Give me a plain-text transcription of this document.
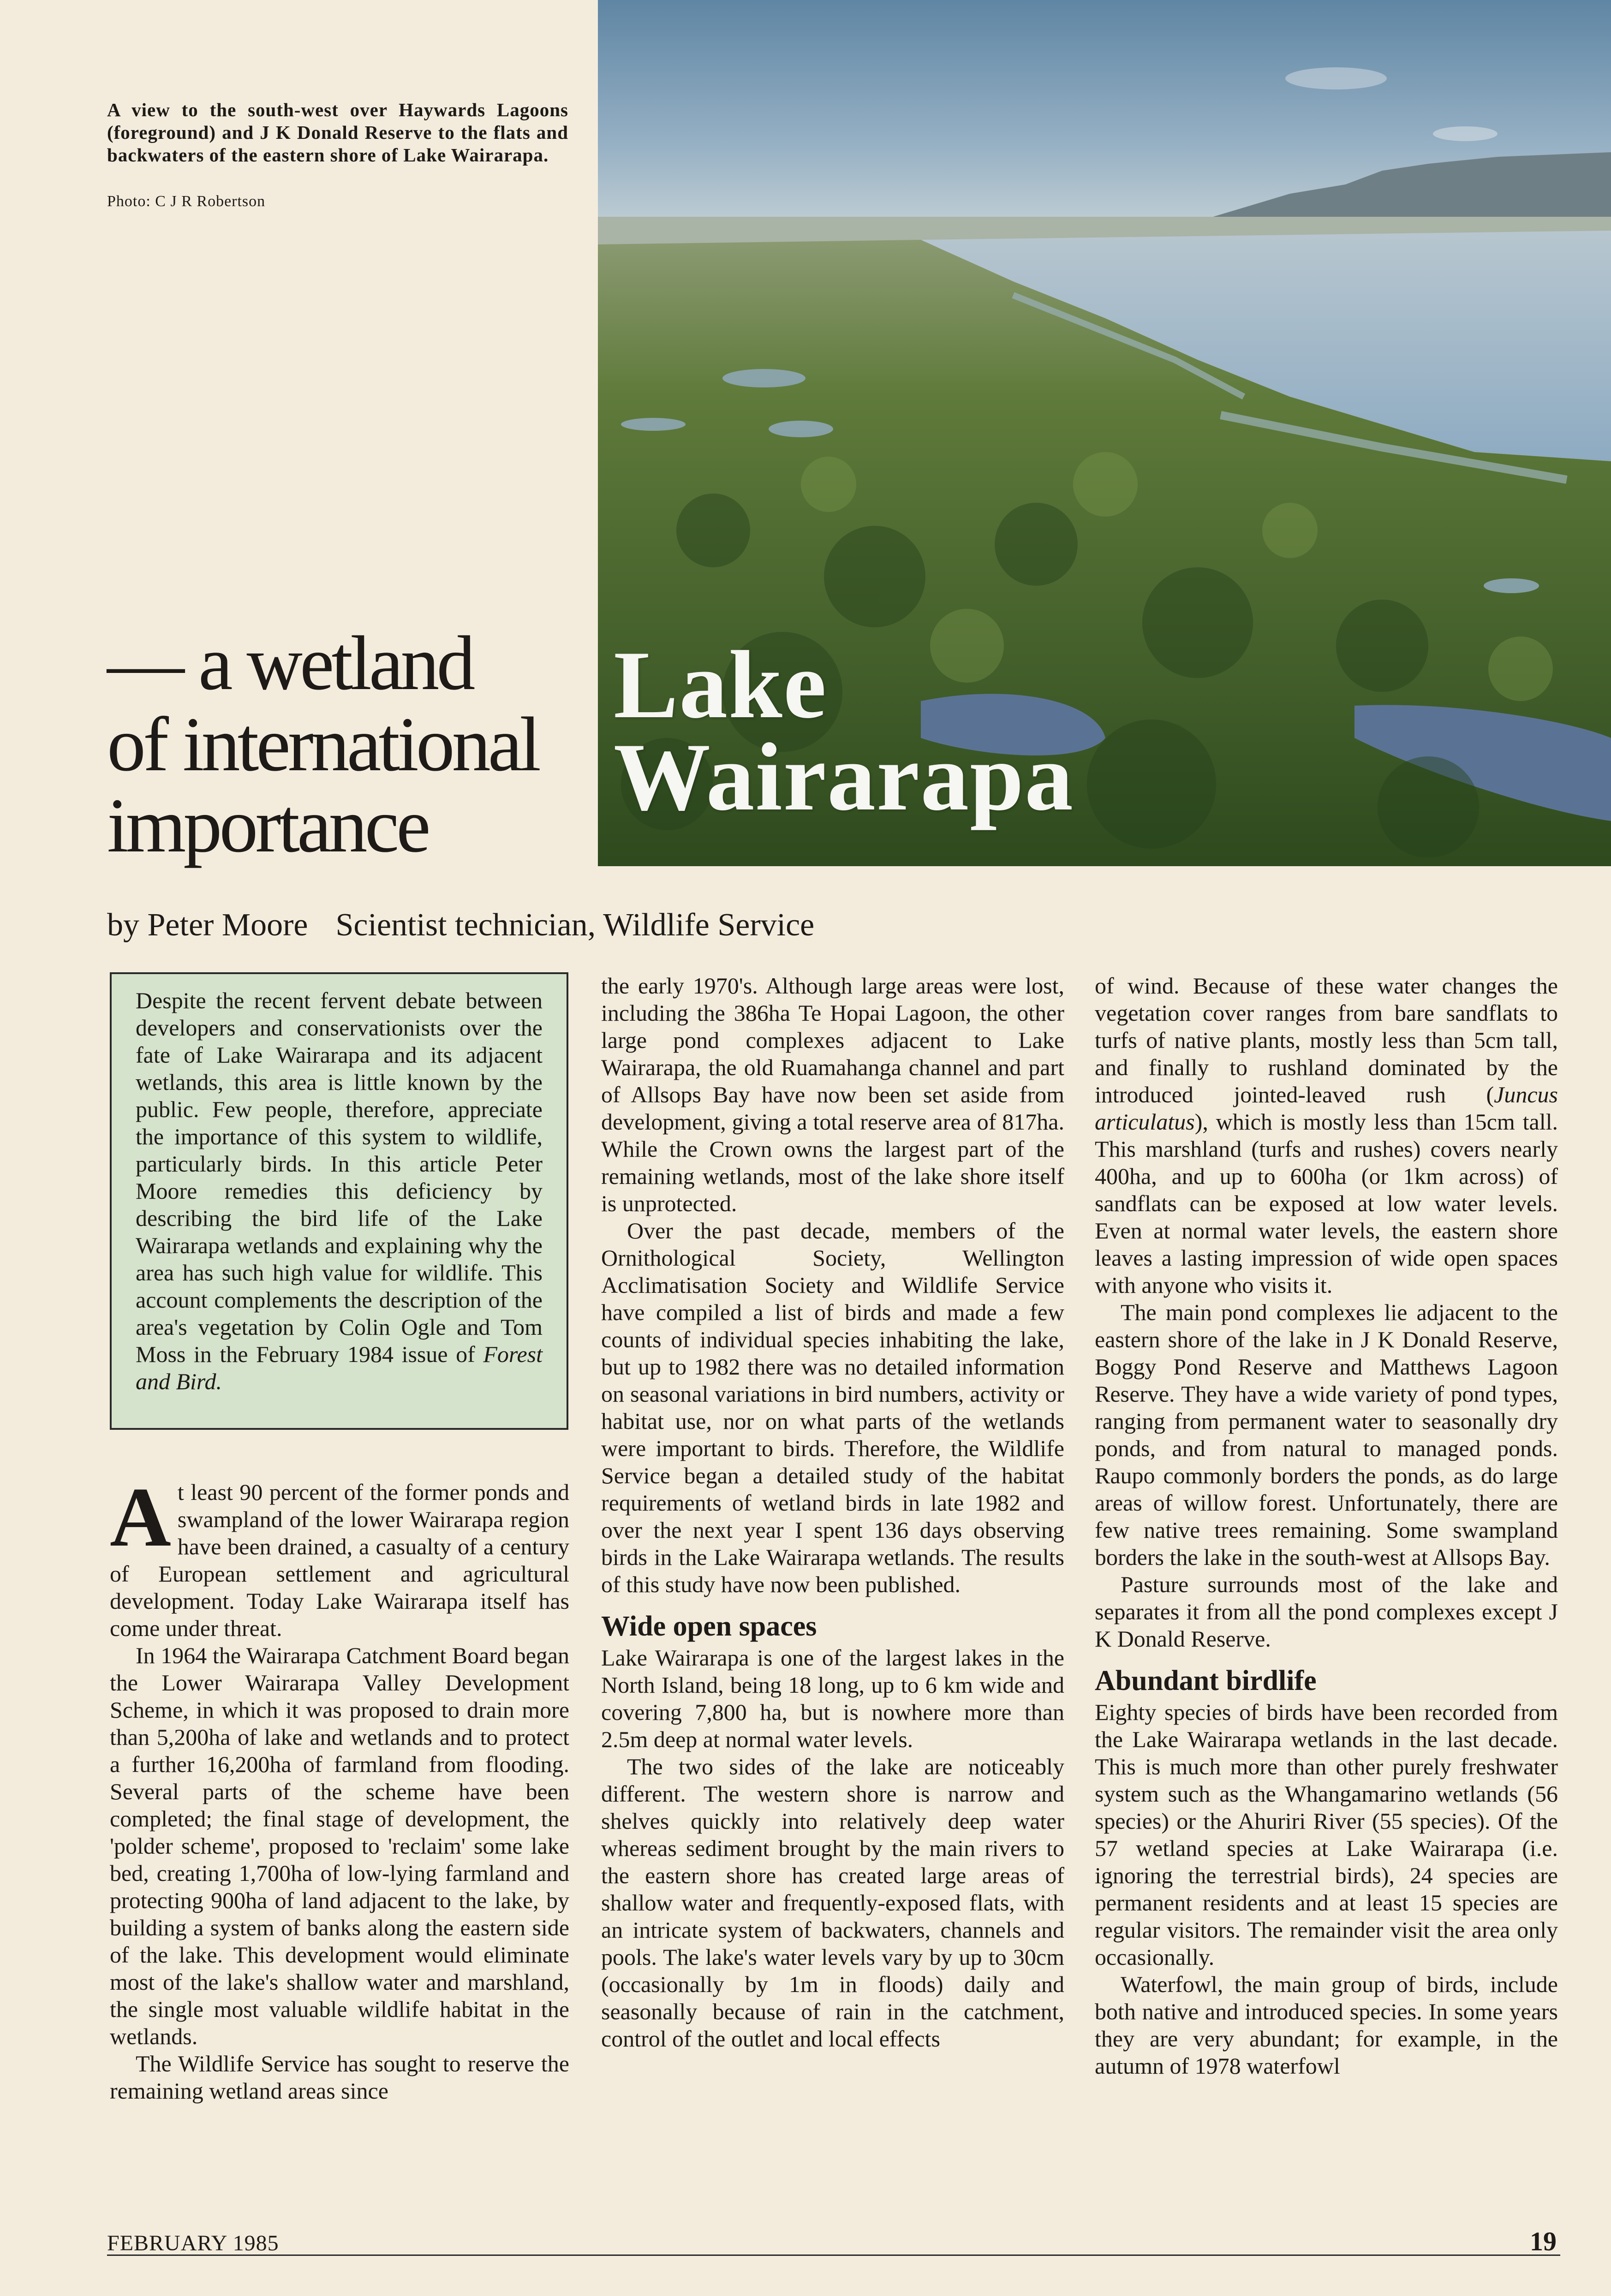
A view to the south-west over Haywards Lagoons (foreground) and J K Donald Reserve to the flats and backwaters of the eastern shore of Lake Wairarapa.
Photo: C J R Robertson
— a wetland
of international
importance
Lake
Wairarapa
by Peter Moore Scientist technician, Wildlife Service
Despite the recent fervent debate between developers and conservationists over the fate of Lake Wairarapa and its adjacent wetlands, this area is little known by the public. Few people, therefore, appreciate the importance of this system to wildlife, particularly birds. In this article Peter Moore remedies this deficiency by describing the bird life of the Lake Wairarapa wetlands and explaining why the area has such high value for wildlife. This account complements the description of the area's vegetation by Colin Ogle and Tom Moss in the February 1984 issue of Forest and Bird.

At least 90 percent of the former ponds and swampland of the lower Wairarapa region have been drained, a casualty of a century of European settlement and agricultural development. Today Lake Wairarapa itself has come under threat.

In 1964 the Wairarapa Catchment Board began the Lower Wairarapa Valley Development Scheme, in which it was proposed to drain more than 5,200ha of lake and wetlands and to protect a further 16,200ha of farmland from flooding. Several parts of the scheme have been completed; the final stage of development, the 'polder scheme', proposed to 'reclaim' some lake bed, creating 1,700ha of low-lying farmland and protecting 900ha of land adjacent to the lake, by building a system of banks along the eastern side of the lake. This development would eliminate most of the lake's shallow water and marshland, the single most valuable wildlife habitat in the wetlands.

The Wildlife Service has sought to reserve the remaining wetland areas since

the early 1970's. Although large areas were lost, including the 386ha Te Hopai Lagoon, the other large pond complexes adjacent to Lake Wairarapa, the old Ruamahanga channel and part of Allsops Bay have now been set aside from development, giving a total reserve area of 817ha. While the Crown owns the largest part of the remaining wetlands, most of the lake shore itself is unprotected.

Over the past decade, members of the Ornithological Society, Wellington Acclimatisation Society and Wildlife Service have compiled a list of birds and made a few counts of individual species inhabiting the lake, but up to 1982 there was no detailed information on seasonal variations in bird numbers, activity or habitat use, nor on what parts of the wetlands were important to birds. Therefore, the Wildlife Service began a detailed study of the habitat requirements of wetland birds in late 1982 and over the next year I spent 136 days observing birds in the Lake Wairarapa wetlands. The results of this study have now been published.

Wide open spaces

Lake Wairarapa is one of the largest lakes in the North Island, being 18 long, up to 6 km wide and covering 7,800 ha, but is nowhere more than 2.5m deep at normal water levels.

The two sides of the lake are noticeably different. The western shore is narrow and shelves quickly into relatively deep water whereas sediment brought by the main rivers to the eastern shore has created large areas of shallow water and frequently-exposed flats, with an intricate system of backwaters, channels and pools. The lake's water levels vary by up to 30cm (occasionally by 1m in floods) daily and seasonally because of rain in the catchment, control of the outlet and local effects

of wind. Because of these water changes the vegetation cover ranges from bare sandflats to turfs of native plants, mostly less than 5cm tall, and finally to rushland dominated by the introduced jointed-leaved rush (Juncus articulatus), which is mostly less than 15cm tall. This marshland (turfs and rushes) covers nearly 400ha, and up to 600ha (or 1km across) of sandflats can be exposed at low water levels. Even at normal water levels, the eastern shore leaves a lasting impression of wide open spaces with anyone who visits it.

The main pond complexes lie adjacent to the eastern shore of the lake in J K Donald Reserve, Boggy Pond Reserve and Matthews Lagoon Reserve. They have a wide variety of pond types, ranging from permanent water to seasonally dry ponds, and from natural to managed ponds. Raupo commonly borders the ponds, as do large areas of willow forest. Unfortunately, there are few native trees remaining. Some swampland borders the lake in the south-west at Allsops Bay.

Pasture surrounds most of the lake and separates it from all the pond complexes except J K Donald Reserve.

Abundant birdlife

Eighty species of birds have been recorded from the Lake Wairarapa wetlands in the last decade. This is much more than other purely freshwater system such as the Whangamarino wetlands (56 species) or the Ahuriri River (55 species). Of the 57 wetland species at Lake Wairarapa (i.e. ignoring the terrestrial birds), 24 species are permanent residents and at least 15 species are regular visitors. The remainder visit the area only occasionally.

Waterfowl, the main group of birds, include both native and introduced species. In some years they are very abundant; for example, in the autumn of 1978 waterfowl

FEBRUARY 1985	19
